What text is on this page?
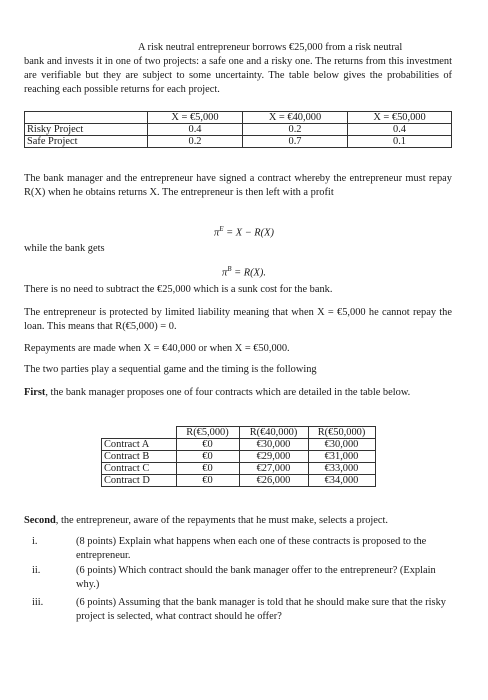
A risk neutral entrepreneur borrows €25,000 from a risk neutral

bank and invests it in one of two projects: a safe one and a risky one. The returns from this investment are verifiable but they are subject to some uncertainty. The table below gives the probabilities of reaching each possible returns for each project.

	X = €5,000	X = €40,000	X = €50,000
Risky Project	0.4	0.2	0.4
Safe Project	0.2	0.7	0.1

The bank manager and the entrepreneur have signed a contract whereby the entrepreneur must repay R(X) when he obtains returns X. The entrepreneur is then left with a profit

$\pi^E = X - R(X)$

while the bank gets

$\pi^B = R(X)$.

There is no need to subtract the €25,000 which is a sunk cost for the bank.

The entrepreneur is protected by limited liability meaning that when X = €5,000 he cannot repay the loan. This means that R(€5,000) = 0.

Repayments are made when X = €40,000 or when X = €50,000.

The two parties play a sequential game and the timing is the following

First, the bank manager proposes one of four contracts which are detailed in the table below.

	R(€5,000)	R(€40,000)	R(€50,000)
Contract A	€0	€30,000	€30,000
Contract B	€0	€29,000	€31,000
Contract C	€0	€27,000	€33,000
Contract D	€0	€26,000	€34,000

Second, the entrepreneur, aware of the repayments that he must make, selects a project.

i.	(8 points) Explain what happens when each one of these contracts is proposed to the entrepreneur.
ii.	(6 points) Which contract should the bank manager offer to the entrepreneur? (Explain why.)
iii.	(6 points) Assuming that the bank manager is told that he should make sure that the risky project is selected, what contract should he offer?
